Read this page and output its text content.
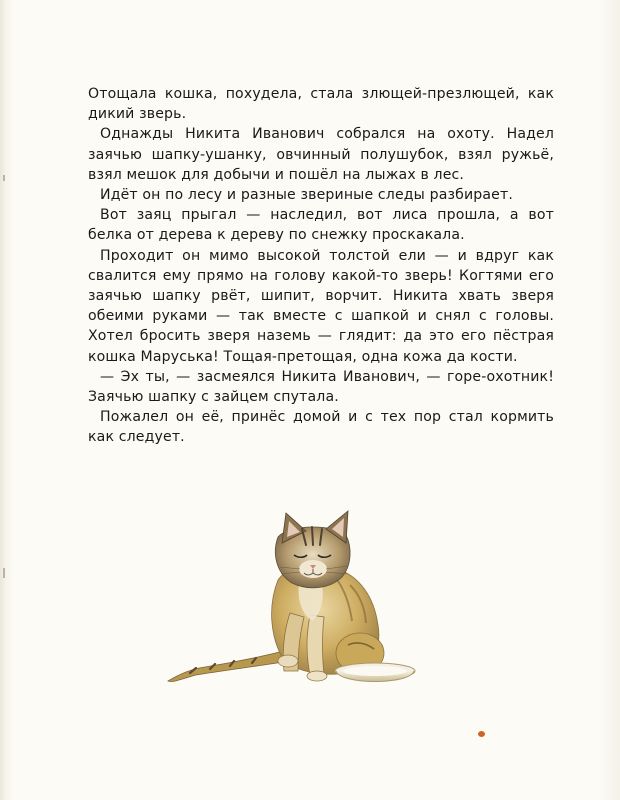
Отощала кошка, похудела, стала злющей-презлющей, как дикий зверь.

Однажды Никита Иванович собрался на охоту. Надел заячью шапку-ушанку, овчинный полушубок, взял ружьё, взял мешок для добычи и пошёл на лыжах в лес.

Идёт он по лесу и разные звериные следы разбирает.

Вот заяц прыгал — наследил, вот лиса прошла, а вот белка от дерева к дереву по снежку проскакала.

Проходит он мимо высокой толстой ели — и вдруг как свалится ему прямо на голову какой-то зверь! Когтями его заячью шапку рвёт, шипит, ворчит. Никита хвать зверя обеими руками — так вместе с шапкой и снял с головы. Хотел бросить зверя наземь — глядит: да это его пёстрая кошка Маруська! Тощая-претощая, одна кожа да кости.

— Эх ты, — засмеялся Никита Иванович, — горе-охотник! Заячью шапку с зайцем спутала.

Пожалел он её, принёс домой и с тех пор стал кормить как следует.
